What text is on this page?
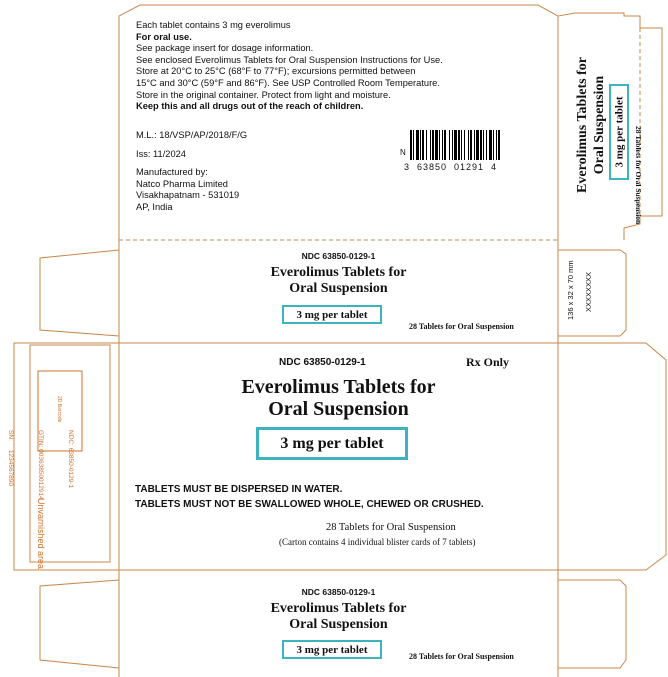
Each tablet contains 3 mg everolimus
For oral use.
See package insert for dosage information.
See enclosed Everolimus Tablets for Oral Suspension Instructions for Use.
Store at 20°C to 25°C (68°F to 77°F); excursions permitted between
15°C and 30°C (59°F and 86°F). See USP Controlled Room Temperature.
Store in the original container. Protect from light and moisture.
Keep this and all drugs out of the reach of children.
M.L.: 18/VSP/AP/2018/F/G
Iss: 11/2024
Manufactured by:
Natco Pharma Limited
Visakhapatnam - 531019
AP, India
N
3  63850  01291  4	Everolimus Tablets for Oral Suspension 3 mg per tablet 28 Tablets for Oral Suspension
NDC 63850-0129-1
Everolimus Tablets for
Oral Suspension
3 mg per tablet
28 Tablets for Oral Suspension
136 x 32 x 70 mm XXXXXXXX
NDC 63850-0129-1	Rx Only
Everolimus Tablets for
Oral Suspension
3 mg per tablet
TABLETS MUST BE DISPERSED IN WATER.
TABLETS MUST NOT BE SWALLOWED WHOLE, CHEWED OR CRUSHED.
28 Tablets for Oral Suspension
(Carton contains 4 individual blister cards of 7 tablets)
2D Barcode

NDC: 63850-0129-1

GTIN: 00363850012914

SN:     1234567890

Unvarnished area
NDC 63850-0129-1
Everolimus Tablets for
Oral Suspension
3 mg per tablet
28 Tablets for Oral Suspension
